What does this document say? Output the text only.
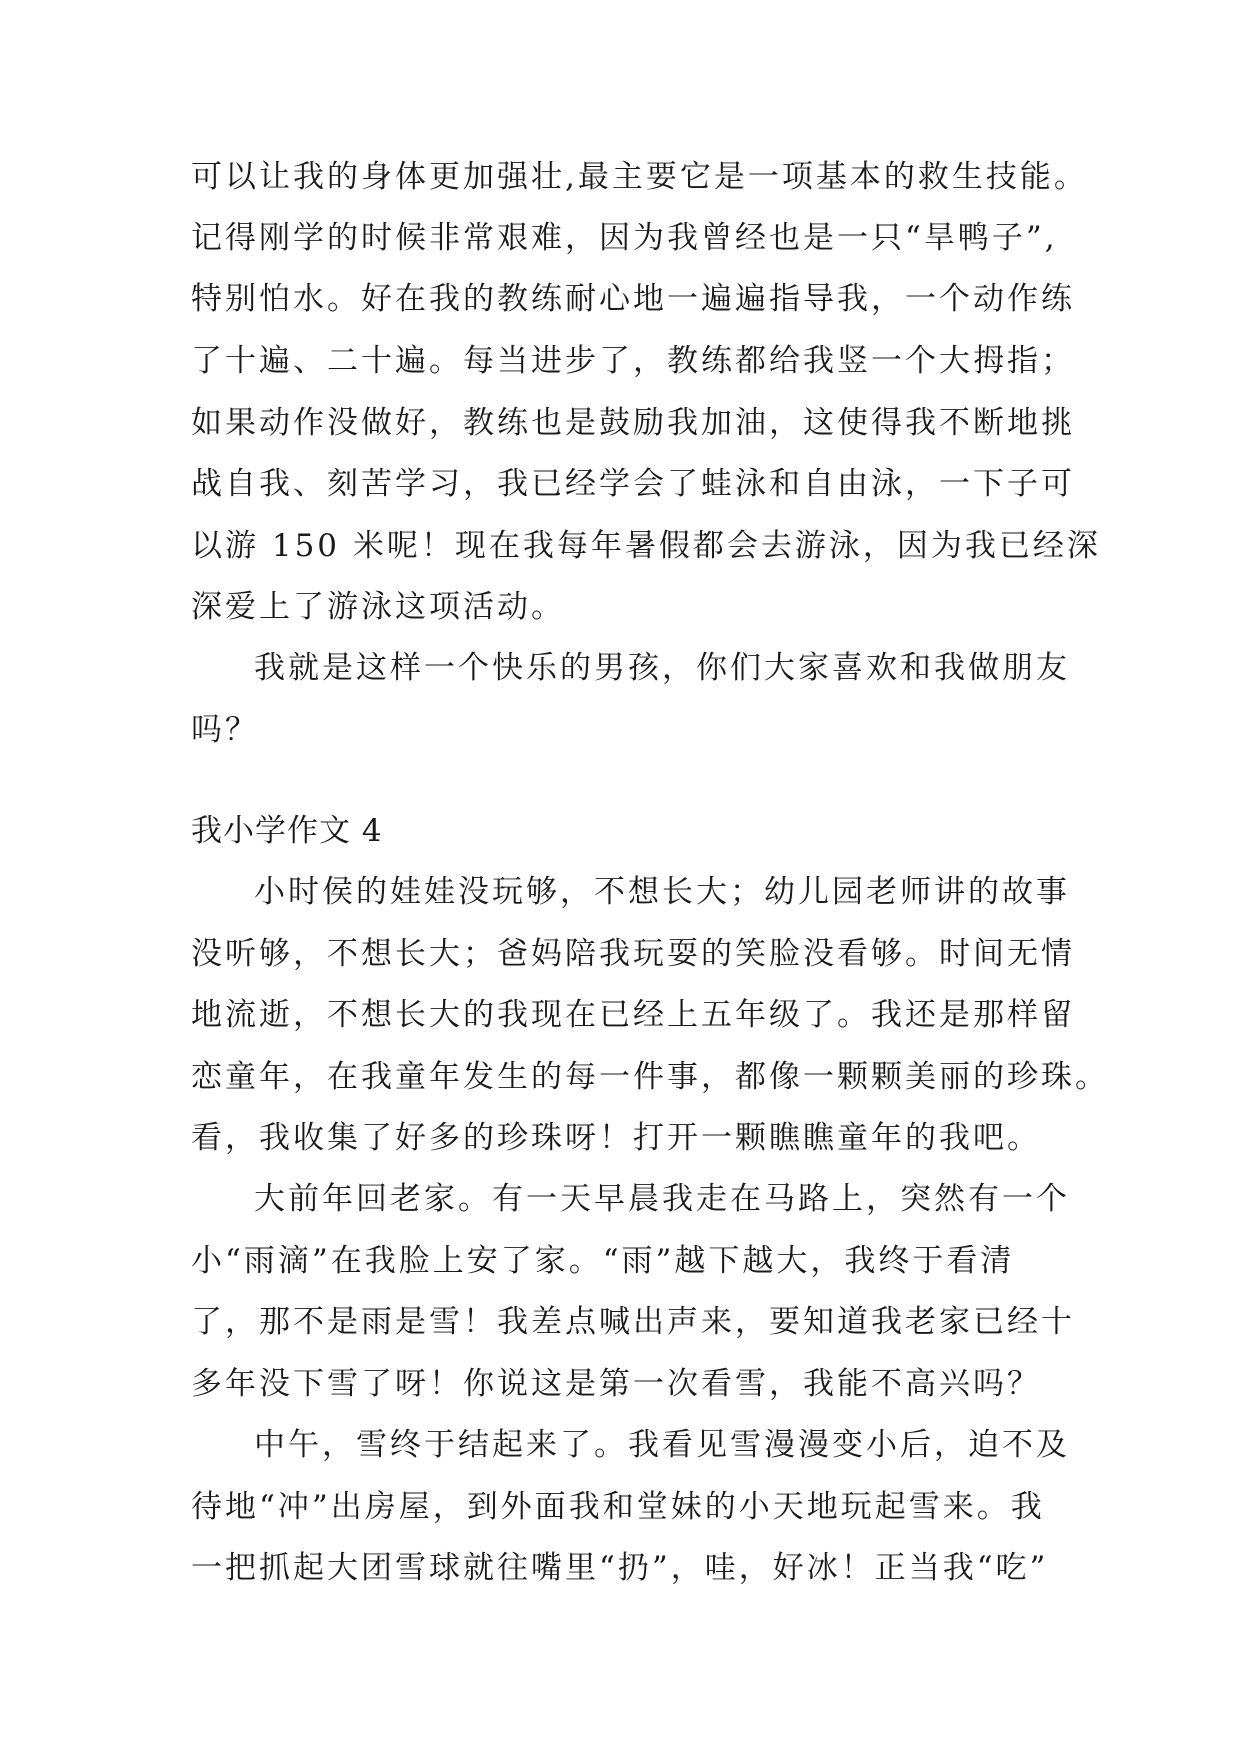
可以让我的身体更加强壮,最主要它是一项基本的救生技能。
记得刚学的时候非常艰难，因为我曾经也是一只“旱鸭子”,
特别怕水。好在我的教练耐心地一遍遍指导我，一个动作练
了十遍、二十遍。每当进步了，教练都给我竖一个大拇指；
如果动作没做好，教练也是鼓励我加油，这使得我不断地挑
战自我、刻苦学习，我已经学会了蛙泳和自由泳，一下子可
以游 150 米呢！现在我每年暑假都会去游泳，因为我已经深
深爱上了游泳这项活动。
我就是这样一个快乐的男孩，你们大家喜欢和我做朋友
吗？
我小学作文 4
小时侯的娃娃没玩够，不想长大；幼儿园老师讲的故事
没听够，不想长大；爸妈陪我玩耍的笑脸没看够。时间无情
地流逝，不想长大的我现在已经上五年级了。我还是那样留
恋童年，在我童年发生的每一件事，都像一颗颗美丽的珍珠。
看，我收集了好多的珍珠呀！打开一颗瞧瞧童年的我吧。
大前年回老家。有一天早晨我走在马路上，突然有一个
小“雨滴”在我脸上安了家。“雨”越下越大，我终于看清
了，那不是雨是雪！我差点喊出声来，要知道我老家已经十
多年没下雪了呀！你说这是第一次看雪，我能不高兴吗？
中午，雪终于结起来了。我看见雪漫漫变小后，迫不及
待地“冲”出房屋，到外面我和堂妹的小天地玩起雪来。我
一把抓起大团雪球就往嘴里“扔”，哇，好冰！正当我“吃”
